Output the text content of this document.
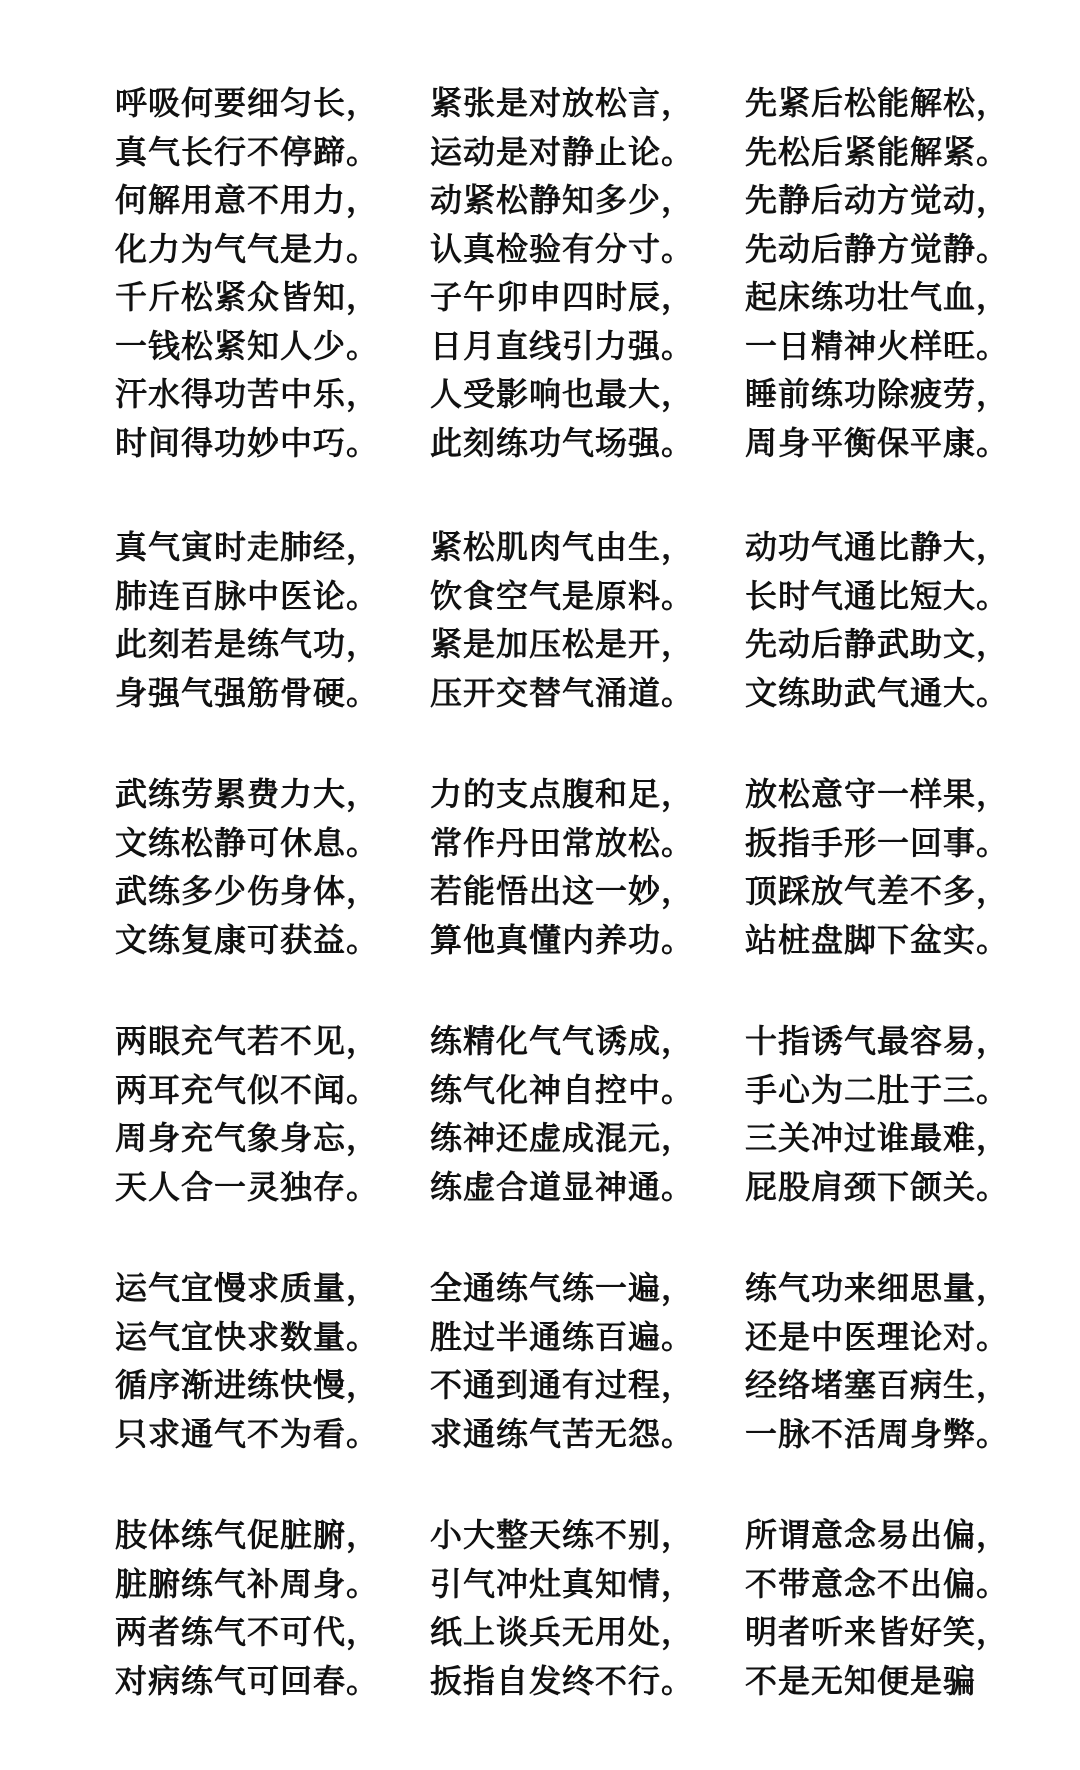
呼吸何要细匀长，
真气长行不停蹄。
何解用意不用力，
化力为气气是力。
千斤松紧众皆知，
一钱松紧知人少。
汗水得功苦中乐，
时间得功妙中巧。
紧张是对放松言，
运动是对静止论。
动紧松静知多少，
认真检验有分寸。
子午卯申四时辰，
日月直线引力强。
人受影响也最大，
此刻练功气场强。
先紧后松能解松，
先松后紧能解紧。
先静后动方觉动，
先动后静方觉静。
起床练功壮气血，
一日精神火样旺。
睡前练功除疲劳，
周身平衡保平康。
真气寅时走肺经，
肺连百脉中医论。
此刻若是练气功，
身强气强筋骨硬。
紧松肌肉气由生，
饮食空气是原料。
紧是加压松是开，
压开交替气涌道。
动功气通比静大，
长时气通比短大。
先动后静武助文，
文练助武气通大。
武练劳累费力大，
文练松静可休息。
武练多少伤身体，
文练复康可获益。
力的支点腹和足，
常作丹田常放松。
若能悟出这一妙，
算他真懂内养功。
放松意守一样果，
扳指手形一回事。
顶踩放气差不多，
站桩盘脚下盆实。
两眼充气若不见，
两耳充气似不闻。
周身充气象身忘，
天人合一灵独存。
练精化气气诱成，
练气化神自控中。
练神还虚成混元，
练虚合道显神通。
十指诱气最容易，
手心为二肚于三。
三关冲过谁最难，
屁股肩颈下颌关。
运气宜慢求质量，
运气宜快求数量。
循序渐进练快慢，
只求通气不为看。
全通练气练一遍，
胜过半通练百遍。
不通到通有过程，
求通练气苦无怨。
练气功来细思量，
还是中医理论对。
经络堵塞百病生，
一脉不活周身弊。
肢体练气促脏腑，
脏腑练气补周身。
两者练气不可代，
对病练气可回春。
小大整天练不别，
引气冲灶真知情，
纸上谈兵无用处，
扳指自发终不行。
所谓意念易出偏，
不带意念不出偏。
明者听来皆好笑，
不是无知便是骗
